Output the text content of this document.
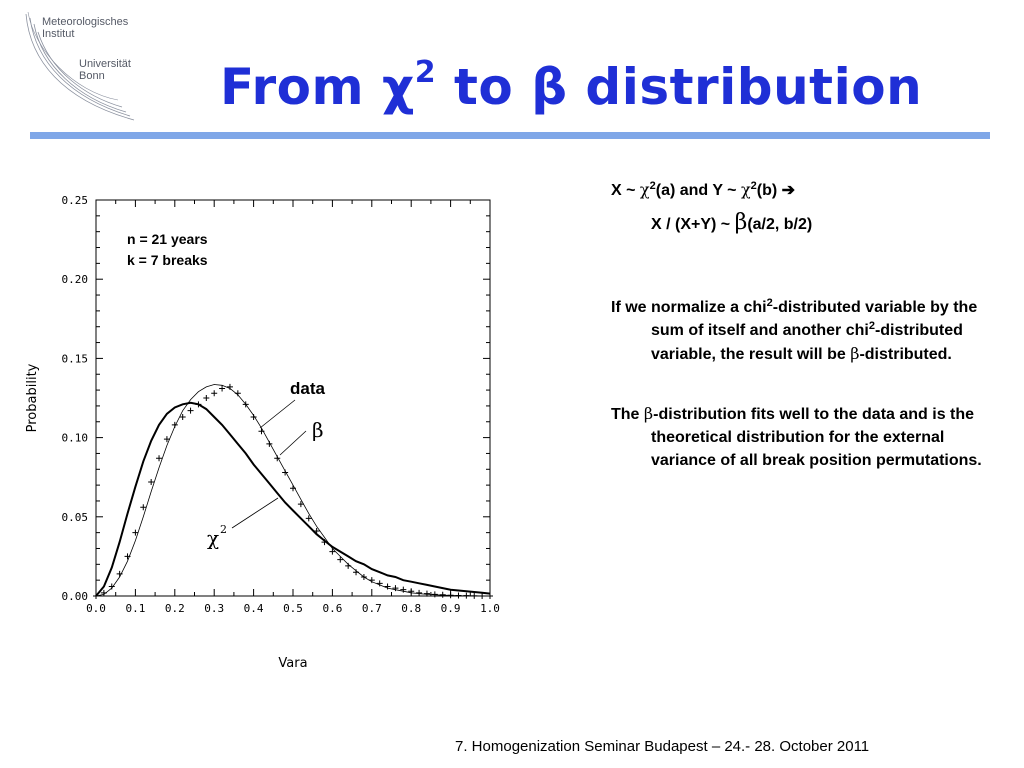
Meteorologisches
Institut
Universität
Bonn From $\chi^2$ to β distribution
0.0 0.1 0.2 0.3 0.4 0.5 0.6 0.7 0.8 0.9 1.0
0.00
0.05
0.10
0.15
0.20
0.25
Vara
Probability
n = 21 years
k = 7 breaks
data
β
χ 2
X ~ $\chi^2(a)$ and Y ~ $\chi^2(b)$ ➔
X / (X+Y) ~ β(a/2, b/2)
If we normalize a chi$^2$-distributed variable by the sum of itself and another chi$^2$-distributed variable, the result will be β-distributed.
The β-distribution fits well to the data and is the theoretical distribution for the external variance of all break position permutations.
7. Homogenization Seminar Budapest – 24.- 28. October 2011
